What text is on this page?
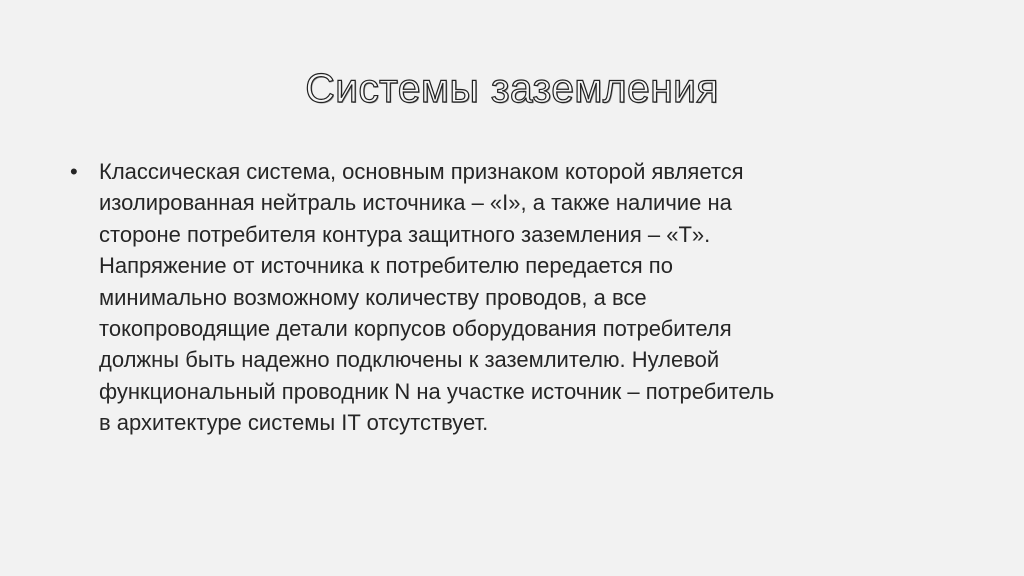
Системы заземления
• Классическая система, основным признаком которой является
изолированная нейтраль источника – «I», а также наличие на
стороне потребителя контура защитного заземления – «T».
Напряжение от источника к потребителю передается по
минимально возможному количеству проводов, а все
токопроводящие детали корпусов оборудования потребителя
должны быть надежно подключены к заземлителю. Нулевой
функциональный проводник N на участке источник – потребитель
в архитектуре системы IT отсутствует.
